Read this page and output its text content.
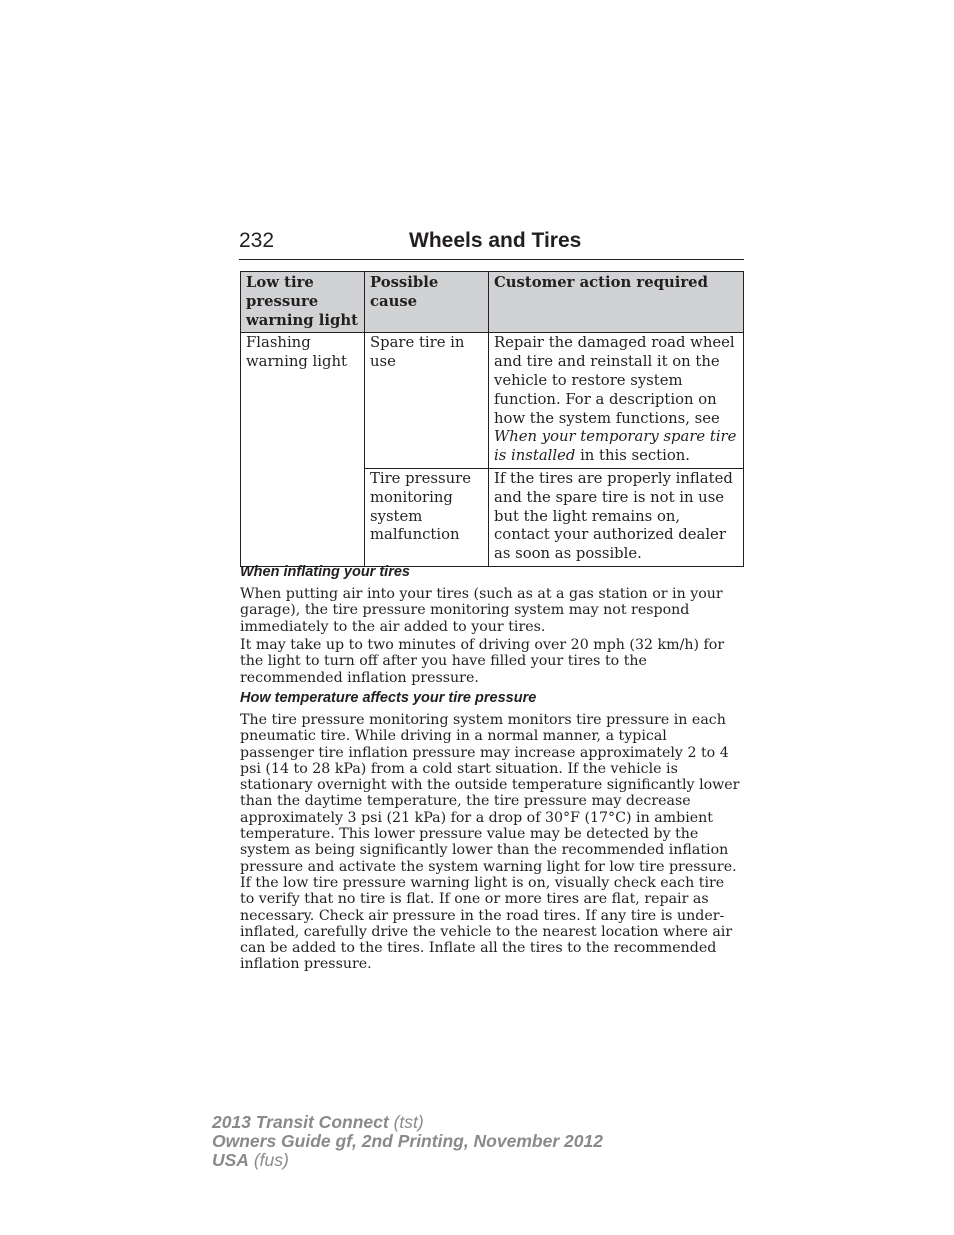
232	Wheels and Tires
Low tire pressure warning light	Possible cause	Customer action required
Flashing warning light	Spare tire in use	Repair the damaged road wheel and tire and reinstall it on the vehicle to restore system function. For a description on how the system functions, see When your temporary spare tire is installed in this section.
	Tire pressure monitoring system malfunction	If the tires are properly inflated and the spare tire is not in use but the light remains on, contact your authorized dealer as soon as possible.
When inflating your tires
When putting air into your tires (such as at a gas station or in your garage), the tire pressure monitoring system may not respond immediately to the air added to your tires.
It may take up to two minutes of driving over 20 mph (32 km/h) for the light to turn off after you have filled your tires to the recommended inflation pressure.
How temperature affects your tire pressure
The tire pressure monitoring system monitors tire pressure in each pneumatic tire. While driving in a normal manner, a typical passenger tire inflation pressure may increase approximately 2 to 4 psi (14 to 28 kPa) from a cold start situation. If the vehicle is stationary overnight with the outside temperature significantly lower than the daytime temperature, the tire pressure may decrease approximately 3 psi (21 kPa) for a drop of 30°F (17°C) in ambient temperature. This lower pressure value may be detected by the system as being significantly lower than the recommended inflation pressure and activate the system warning light for low tire pressure. If the low tire pressure warning light is on, visually check each tire to verify that no tire is flat. If one or more tires are flat, repair as necessary. Check air pressure in the road tires. If any tire is under-inflated, carefully drive the vehicle to the nearest location where air can be added to the tires. Inflate all the tires to the recommended inflation pressure.
2013 Transit Connect (tst)
Owners Guide gf, 2nd Printing, November 2012
USA (fus)
